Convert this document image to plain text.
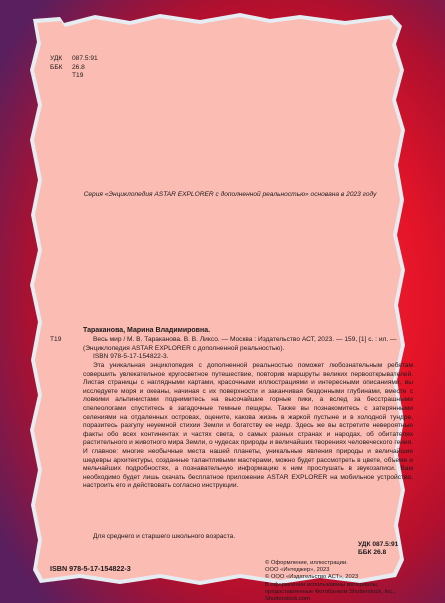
УДК 087.5:91
ББК 26.8
Т19
Серия «Энциклопедия ASTAR EXPLORER с дополненной реальностью» основана в 2023 году
Т19
Тараканова, Марина Владимировна.
Весь мир / М. В. Тараканова. В. В. Ликсо. — Москва : Издательство АСТ, 2023. — 159, [1] с. : ил. — (Энциклопедия ASTAR EXPLORER с дополненной реальностью).
ISBN 978-5-17-154822-3.
Эта уникальная энциклопедия с дополненной реальностью поможет любознательным ребятам совершить увлекательное кругосветное путешествие, повторив маршруты великих первооткрывателей. Листая страницы с наглядными картами, красочными иллюстрациями и интересными описаниями, вы исследуете моря и океаны, начиная с их поверхности и заканчивая бездонными глубинами, вместе с ловкими альпинистами поднимитесь на высочайшие горные пики, а вслед за бесстрашными спелеологами спуститесь в загадочные темные пещеры. Также вы познакомитесь с затерянными селениями на отдаленных островах, оцените, какова жизнь в жаркой пустыне и в холодной тундре, поразитесь разгулу неуемной стихии Земли и богатству ее недр. Здесь же вы встретите невероятные факты обо всех континентах и частях света, о самых разных странах и народах, об обитателях растительного и животного мира Земли, о чудесах природы и величайших творениях человеческого гения. И главное: многие необычные места нашей планеты, уникальные явления природы и величайшие шедевры архитектуры, созданные талантливыми мастерами, можно будет рассмотреть в цвете, объеме и мельчайших подробностях, а познавательную информацию к ним прослушать в звукозаписи. Вам необходимо будет лишь скачать бесплатное приложение ASTAR EXPLORER на мобильное устройство, настроить его и действовать согласно инструкции.
Для среднего и старшего школьного возраста.
УДК 087.5:91
ББК 26.8
© Оформление, иллюстрации.
ООО «Интеджер», 2023
© ООО «Издательство АСТ», 2023
В оформлении использованы материалы,
предоставленные Фотобанком Shutterstock, Inc.,
Shutterstock.com
ISBN 978-5-17-154822-3
